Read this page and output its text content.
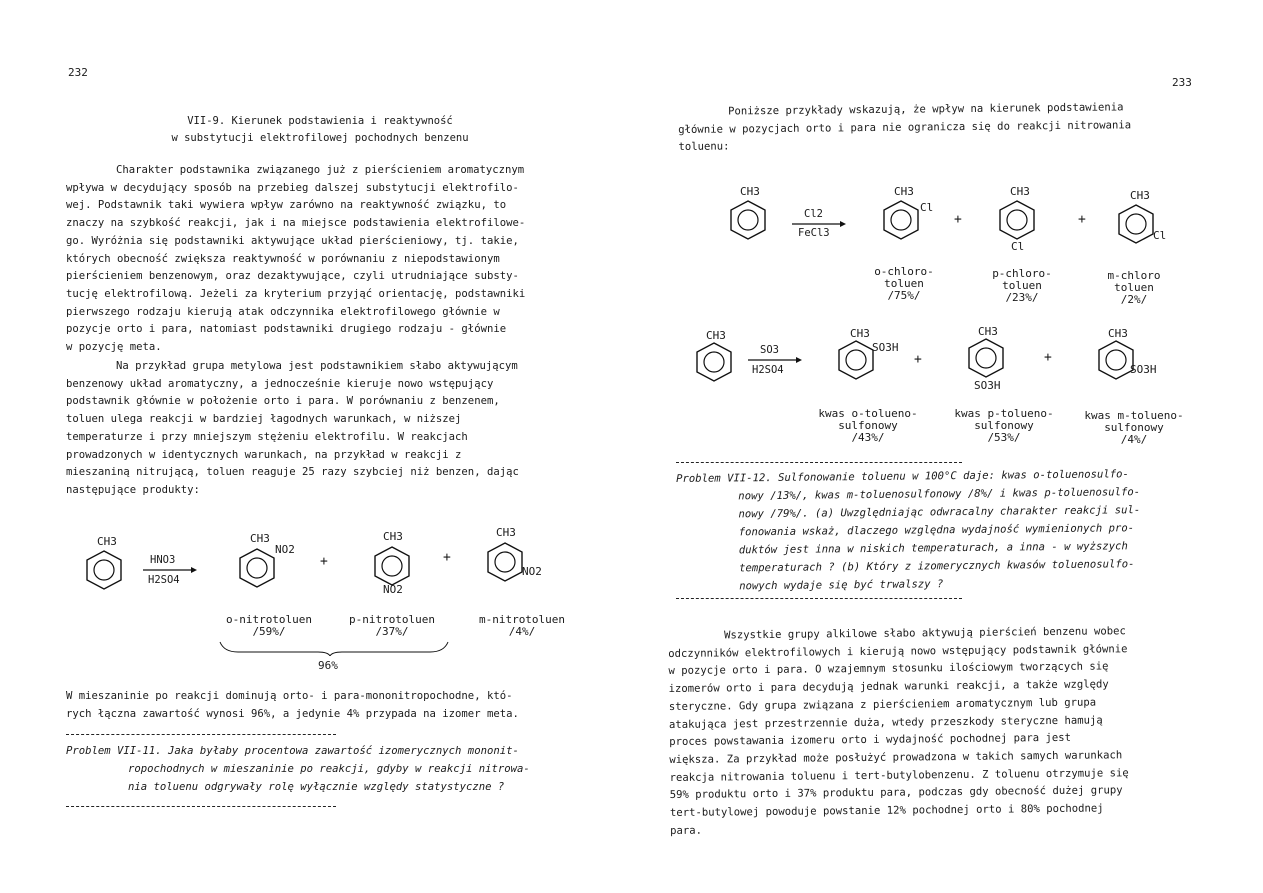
232
VII-9. Kierunek podstawienia i reaktywność
w substytucji elektrofilowej pochodnych benzenu
Charakter podstawnika związanego już z pierścieniem aromatycznym
wpływa w decydujący sposób na przebieg dalszej substytucji elektrofilo-
wej. Podstawnik taki wywiera wpływ zarówno na reaktywność związku, to
znaczy na szybkość reakcji, jak i na miejsce podstawienia elektrofilowe-
go. Wyróżnia się podstawniki aktywujące układ pierścieniowy, tj. takie,
których obecność zwiększa reaktywność w porównaniu z niepodstawionym
pierścieniem benzenowym, oraz dezaktywujące, czyli utrudniające substy-
tucję elektrofilową. Jeżeli za kryterium przyjąć orientację, podstawniki
pierwszego rodzaju kierują atak odczynnika elektrofilowego głównie w
pozycje orto i para, natomiast podstawniki drugiego rodzaju - głównie
w pozycję meta.
Na przykład grupa metylowa jest podstawnikiem słabo aktywującym
benzenowy układ aromatyczny, a jednocześnie kieruje nowo wstępujący
podstawnik głównie w położenie orto i para. W porównaniu z benzenem,
toluen ulega reakcji w bardziej łagodnych warunkach, w niższej
temperaturze i przy mniejszym stężeniu elektrofilu. W reakcjach
prowadzonych w identycznych warunkach, na przykład w reakcji z
mieszaniną nitrującą, toluen reaguje 25 razy szybciej niż benzen, dając
następujące produkty:
CH3
HNO3
H2SO4
CH3
NO2
+
CH3
NO2
+
CH3
NO2
o-nitrotoluen
/59%/
p-nitrotoluen
/37%/
m-nitrotoluen
/4%/
96%
W mieszaninie po reakcji dominują orto- i para-mononitropochodne, któ-
rych łączna zawartość wynosi 96%, a jedynie 4% przypada na izomer meta.
Problem VII-11. Jaka byłaby procentowa zawartość izomerycznych mononit-
ropochodnych w mieszaninie po reakcji, gdyby w reakcji nitrowa-
nia toluenu odgrywały rolę wyłącznie względy statystyczne ?
233
Poniższe przykłady wskazują, że wpływ na kierunek podstawienia
głównie w pozycjach orto i para nie ogranicza się do reakcji nitrowania
toluenu:
CH3
Cl2
FeCl3
CH3
Cl
+
CH3
Cl
+
CH3
Cl
o-chloro-
toluen
/75%/
p-chloro-
toluen
/23%/
m-chloro
toluen
/2%/
CH3
SO3
H2SO4
CH3
SO3H
+
CH3
SO3H
+
CH3
SO3H
kwas o-tolueno-
sulfonowy
/43%/
kwas p-tolueno-
sulfonowy
/53%/
kwas m-tolueno-
sulfonowy
/4%/
Problem VII-12. Sulfonowanie toluenu w 100°C daje: kwas o-toluenosulfo-
nowy /13%/, kwas m-toluenosulfonowy /8%/ i kwas p-toluenosulfo-
nowy /79%/. (a) Uwzględniając odwracalny charakter reakcji sul-
fonowania wskaż, dlaczego względna wydajność wymienionych pro-
duktów jest inna w niskich temperaturach, a inna - w wyższych
temperaturach ? (b) Który z izomerycznych kwasów toluenosulfo-
nowych wydaje się być trwalszy ?
Wszystkie grupy alkilowe słabo aktywują pierścień benzenu wobec
odczynników elektrofilowych i kierują nowo wstępujący podstawnik głównie
w pozycje orto i para. O wzajemnym stosunku ilościowym tworzących się
izomerów orto i para decydują jednak warunki reakcji, a także względy
steryczne. Gdy grupa związana z pierścieniem aromatycznym lub grupa
atakująca jest przestrzennie duża, wtedy przeszkody steryczne hamują
proces powstawania izomeru orto i wydajność pochodnej para jest
większa. Za przykład może posłużyć prowadzona w takich samych warunkach
reakcja nitrowania toluenu i tert-butylobenzenu. Z toluenu otrzymuje się
59% produktu orto i 37% produktu para, podczas gdy obecność dużej grupy
tert-butylowej powoduje powstanie 12% pochodnej orto i 80% pochodnej
para.
